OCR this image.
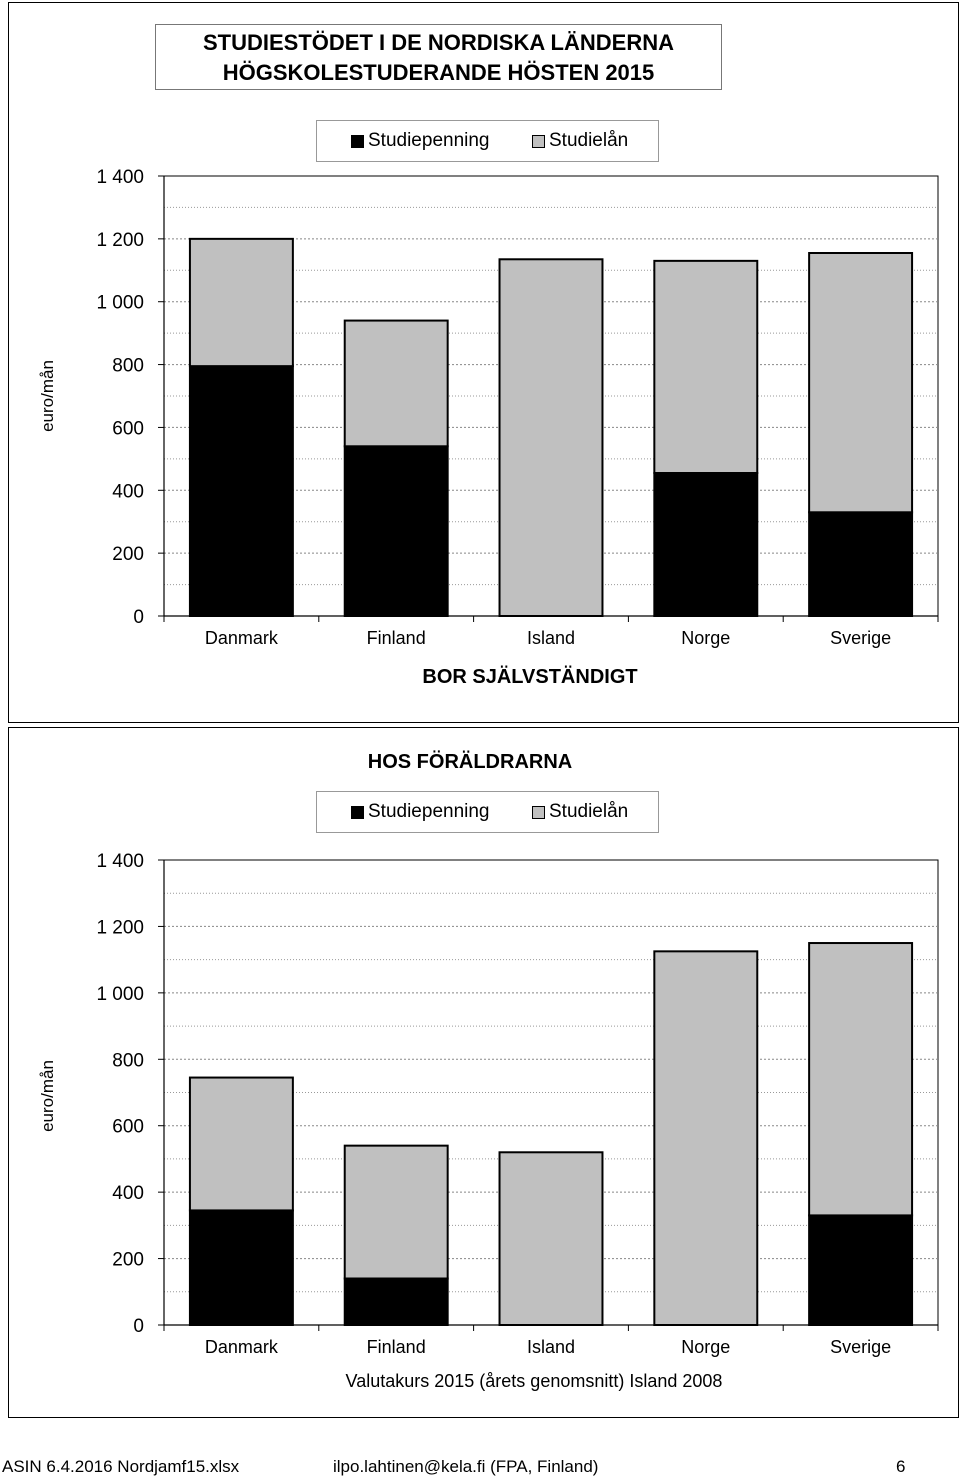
STUDIESTÖDET I DE NORDISKA LÄNDERNA
HÖGSKOLESTUDERANDE HÖSTEN 2015
Studiepenning	Studielån
euro/mån
BOR SJÄLVSTÄNDIGT
HOS FÖRÄLDRARNA
Studiepenning	Studielån
euro/mån
Valutakurs 2015 (årets genomsnitt) Island 2008
0
200
400
600
800
1 000
1 200
1 400
Danmark	Finland	Island	Norge	Sverige
0
200
400
600
800
1 000
1 200
1 400
Danmark	Finland	Island	Norge	Sverige
ASIN 6.4.2016 Nordjamf15.xlsx	ilpo.lahtinen@kela.fi (FPA, Finland)	6
